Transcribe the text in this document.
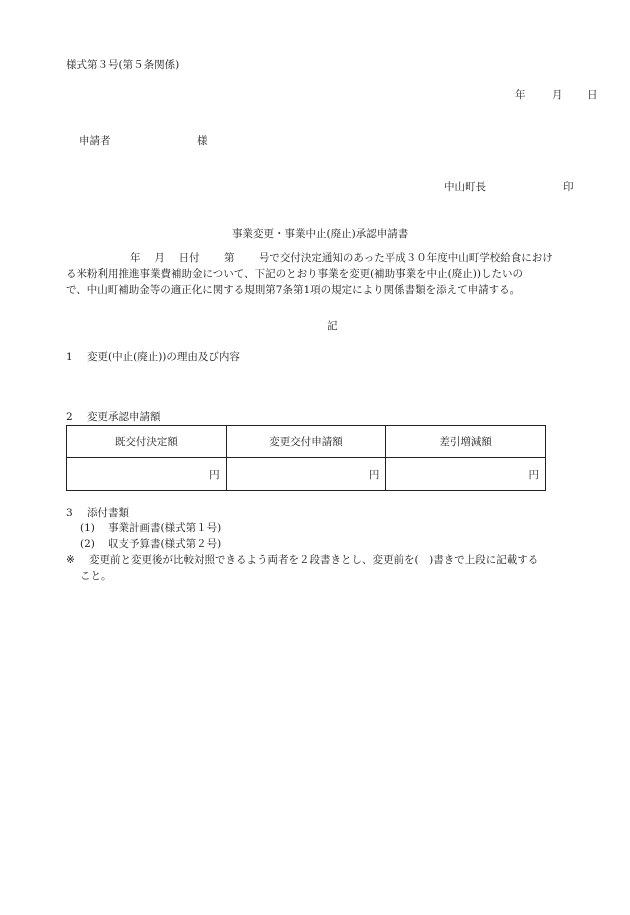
様式第３号(第５条関係)
年	月 日
申請者	様
中山町長	印
事業変更・事業中止(廃止)承認申請書
年　 月 　日付 　　第 　　号で交付決定通知のあった平成３０年度中山町学校給食におけ
る米粉利用推進事業費補助金について、下記のとおり事業を変更(補助事業を中止(廃止))したいの
で、中山町補助金等の適正化に関する規則第7条第1項の規定により関係書類を添えて申請する。
記
1 変更(中止(廃止))の理由及び内容
2 変更承認申請額
既交付決定額	変更交付申請額	差引増減額
円	円	円
3 添付書類
(1) 事業計画書(様式第１号)
(2) 収支予算書(様式第２号)
※ 変更前と変更後が比較対照できるよう両者を２段書きとし、変更前を(　)書きで上段に記載する
こと。
